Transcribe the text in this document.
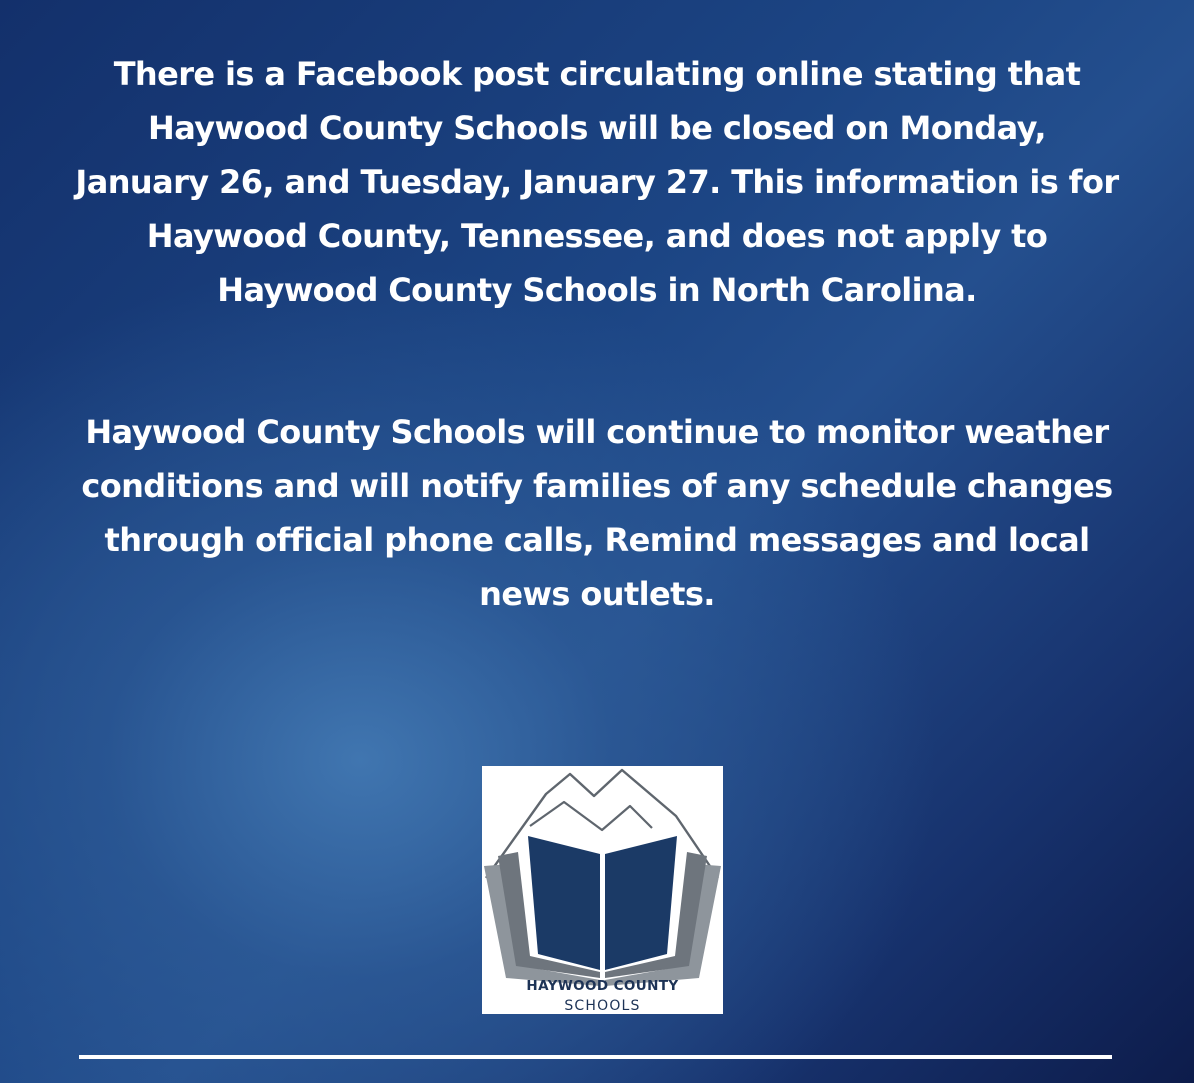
There is a Facebook post circulating online stating that
Haywood County Schools will be closed on Monday,
January 26, and Tuesday, January 27. This information is for
Haywood County, Tennessee, and does not apply to
Haywood County Schools in North Carolina.

Haywood County Schools will continue to monitor weather
conditions and will notify families of any schedule changes
through official phone calls, Remind messages and local
news outlets.

HAYWOOD COUNTY
SCHOOLS
